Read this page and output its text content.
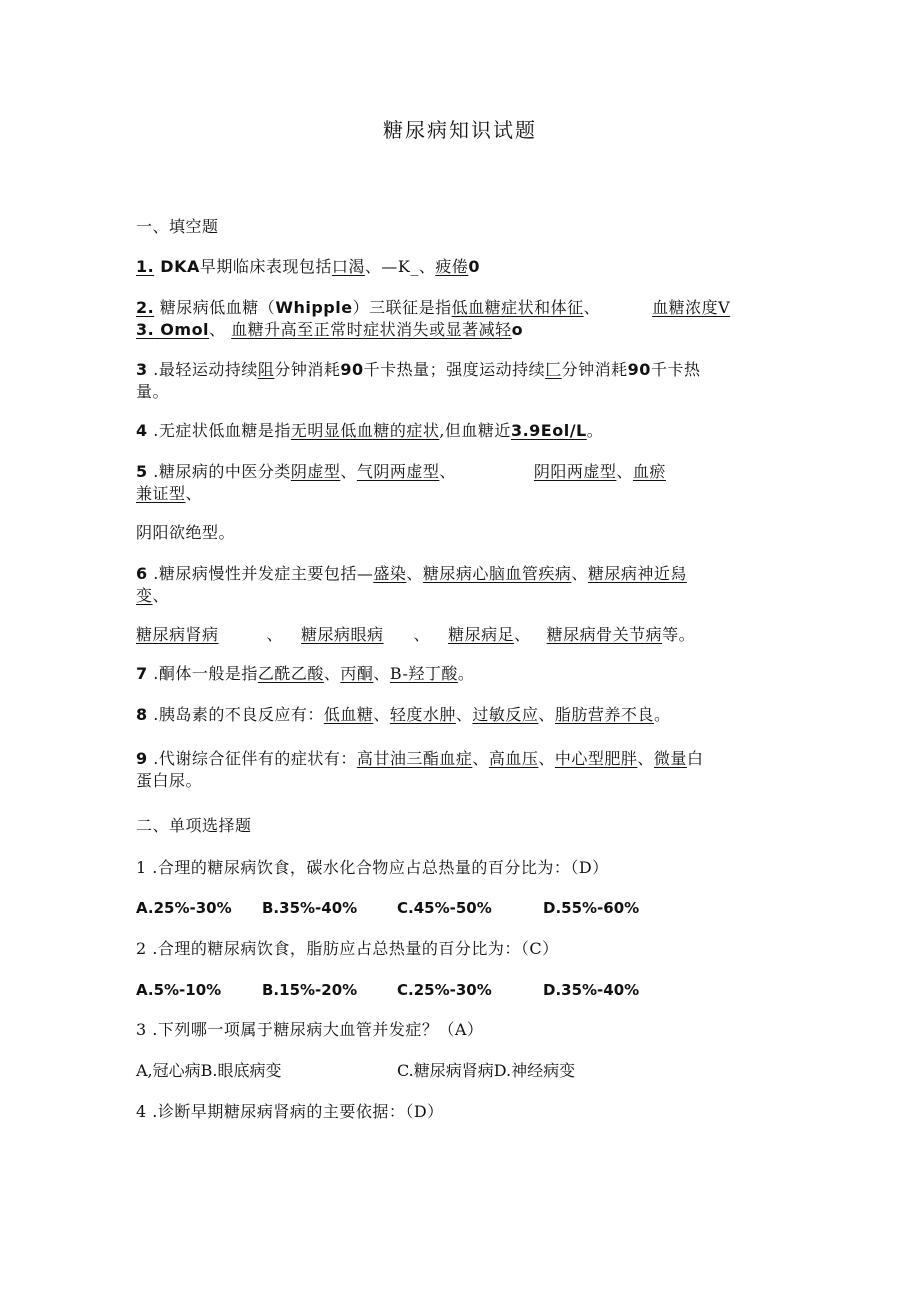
糖尿病知识试题
一、填空题
1. DKA早期临床表现包括口渴、—K_、疲倦0
2. 糖尿病低血糖（Whipple）三联征是指低血糖症状和体征、	血糖浓度V
3. Omol、 血糖升高至正常时症状消失或显著减轻o
3 .最轻运动持续阻分钟消耗90千卡热量；强度运动持续匚分钟消耗90千卡热
量。
4 .无症状低血糖是指无明显低血糖的症状,但血糖近3.9Eol/L。
5 .糖尿病的中医分类阴虚型、气阴两虚型、	阴阳两虚型、血瘀
兼证型、
阴阳欲绝型。
6 .糖尿病慢性并发症主要包括—盛染、糖尿病心脑血管疾病、糖尿病神近舄
变、
糖尿病肾病	、 糖尿病眼病 、 糖尿病足、 糖尿病骨关节病等。
7 .酮体一般是指乙酰乙酸、丙酮、B-羟丁酸。
8 .胰岛素的不良反应有：低血糖、轻度水肿、过敏反应、脂肪营养不良。
9 .代谢综合征伴有的症状有：高甘油三酯血症、高血压、中心型肥胖、微量白
蛋白尿。
二、单项选择题
1 .合理的糖尿病饮食，碳水化合物应占总热量的百分比为：（D）
A.25%-30% B.35%-40%	C.45%-50%	D.55%-60%
2 .合理的糖尿病饮食，脂肪应占总热量的百分比为：（C）
A.5%-10%	B.15%-20%	C.25%-30%	D.35%-40%
3 .下列哪一项属于糖尿病大血管并发症？（A）
A,冠心病B.眼底病变	C.糖尿病肾病D.神经病变
4 .诊断早期糖尿病肾病的主要依据：（D）
